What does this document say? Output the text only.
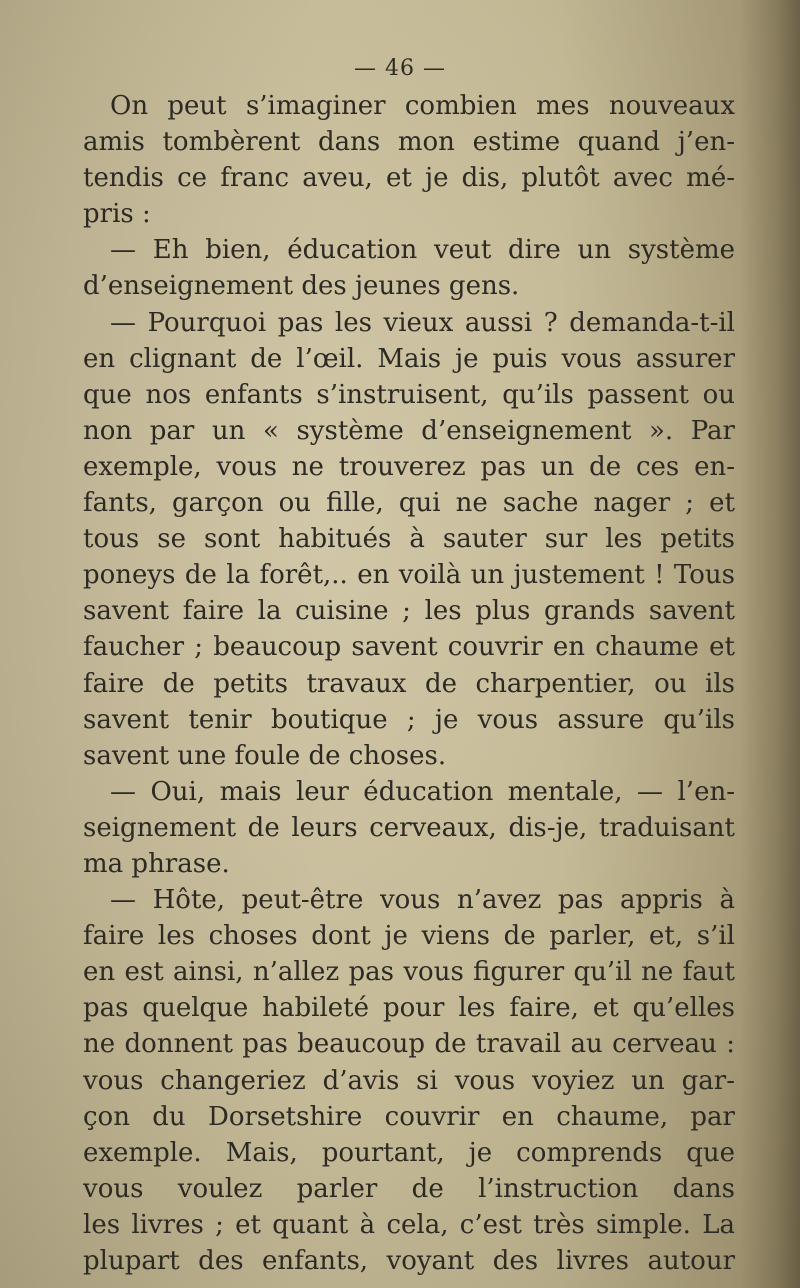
— 46 —
On peut s’imaginer combien mes nouveaux
amis tombèrent dans mon estime quand j’en-
tendis ce franc aveu, et je dis, plutôt avec mé-
pris :
— Eh bien, éducation veut dire un système
d’enseignement des jeunes gens.
— Pourquoi pas les vieux aussi ? demanda-t-il
en clignant de l’œil. Mais je puis vous assurer
que nos enfants s’instruisent, qu’ils passent ou
non par un « système d’enseignement ». Par
exemple, vous ne trouverez pas un de ces en-
fants, garçon ou fille, qui ne sache nager ; et
tous se sont habitués à sauter sur les petits
poneys de la forêt,.. en voilà un justement ! Tous
savent faire la cuisine ; les plus grands savent
faucher ; beaucoup savent couvrir en chaume et
faire de petits travaux de charpentier, ou ils
savent tenir boutique ; je vous assure qu’ils
savent une foule de choses.
— Oui, mais leur éducation mentale, — l’en-
seignement de leurs cerveaux, dis-je, traduisant
ma phrase.
— Hôte, peut-être vous n’avez pas appris à
faire les choses dont je viens de parler, et, s’il
en est ainsi, n’allez pas vous figurer qu’il ne faut
pas quelque habileté pour les faire, et qu’elles
ne donnent pas beaucoup de travail au cerveau :
vous changeriez d’avis si vous voyiez un gar-
çon du Dorsetshire couvrir en chaume, par
exemple. Mais, pourtant, je comprends que
vous voulez parler de l’instruction dans
les livres ; et quant à cela, c’est très simple. La
plupart des enfants, voyant des livres autour
